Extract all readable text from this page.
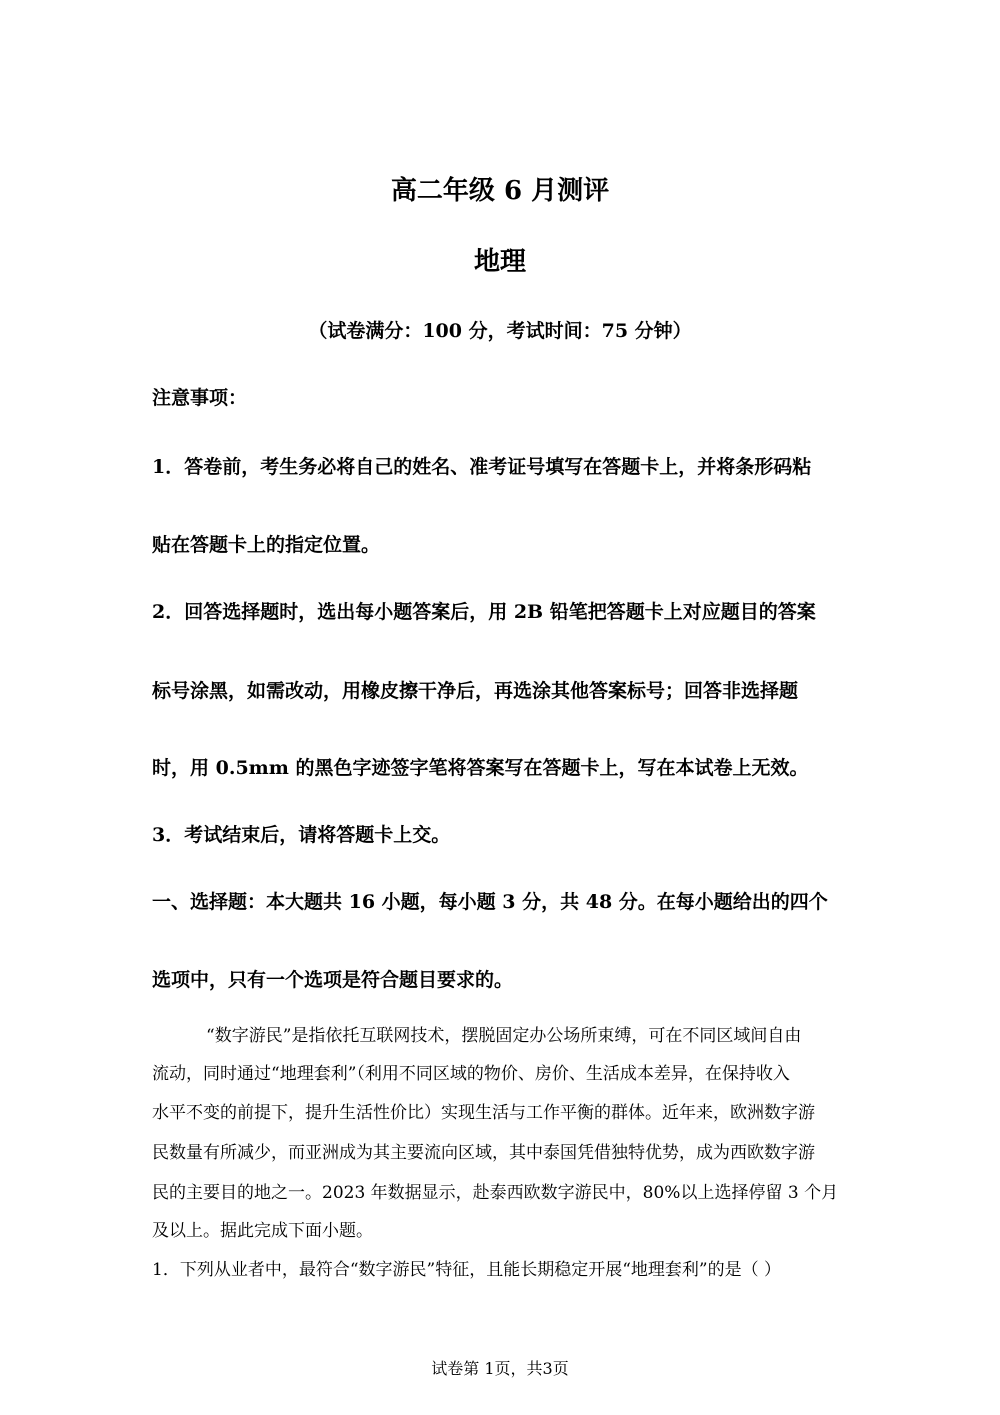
高二年级 6 月测评
地理
（试卷满分：100 分，考试时间：75 分钟）
注意事项：
1．答卷前，考生务必将自己的姓名、准考证号填写在答题卡上，并将条形码粘
贴在答题卡上的指定位置。
2．回答选择题时，选出每小题答案后，用 2B 铅笔把答题卡上对应题目的答案
标号涂黑，如需改动，用橡皮擦干净后，再选涂其他答案标号；回答非选择题
时，用 0.5mm 的黑色字迹签字笔将答案写在答题卡上，写在本试卷上无效。
3．考试结束后，请将答题卡上交。
一、选择题：本大题共 16 小题，每小题 3 分，共 48 分。在每小题给出的四个
选项中，只有一个选项是符合题目要求的。
“数字游民”是指依托互联网技术，摆脱固定办公场所束缚，可在不同区域间自由
流动，同时通过“地理套利”（利用不同区域的物价、房价、生活成本差异，在保持收入
水平不变的前提下，提升生活性价比）实现生活与工作平衡的群体。近年来，欧洲数字游
民数量有所减少，而亚洲成为其主要流向区域，其中泰国凭借独特优势，成为西欧数字游
民的主要目的地之一。2023 年数据显示，赴泰西欧数字游民中，80%以上选择停留 3 个月
及以上。据此完成下面小题。
1．下列从业者中，最符合“数字游民”特征，且能长期稳定开展“地理套利”的是（ ）
试卷第 1页，共3页
